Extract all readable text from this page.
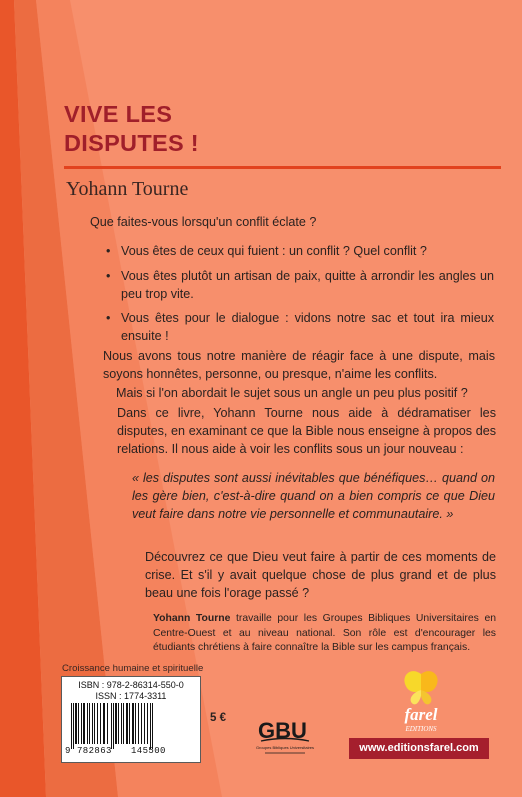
VIVE LES
DISPUTES !
Yohann Tourne
Que faites-vous lorsqu'un conflit éclate ?
• Vous êtes de ceux qui fuient : un conflit ? Quel conflit ?
• Vous êtes plutôt un artisan de paix, quitte à arrondir les angles un peu trop vite.
• Vous êtes pour le dialogue : vidons notre sac et tout ira mieux ensuite !
Nous avons tous notre manière de réagir face à une dispute, mais soyons honnêtes, personne, ou presque, n'aime les conflits.
Mais si l'on abordait le sujet sous un angle un peu plus positif ?
Dans ce livre, Yohann Tourne nous aide à dédramatiser les disputes, en examinant ce que la Bible nous enseigne à propos des relations. Il nous aide à voir les conflits sous un jour nouveau :
« les disputes sont aussi inévitables que bénéfiques… quand on les gère bien, c'est-à-dire quand on a bien compris ce que Dieu veut faire dans notre vie personnelle et communautaire. »
Découvrez ce que Dieu veut faire à partir de ces moments de crise. Et s'il y avait quelque chose de plus grand et de plus beau une fois l'orage passé ?
Yohann Tourne travaille pour les Groupes Bibliques Universitaires en Centre-Ouest et au niveau national. Son rôle est d'encourager les étudiants chrétiens à faire connaître la Bible sur les campus français.
Croissance humaine et spirituelle
ISBN : 978-2-86314-550-0
ISSN : 1774-3311
9 782863 145500
5 € GBU
Groupes Bibliques Universitaires
farel
EDITIONS
www.editionsfarel.com
